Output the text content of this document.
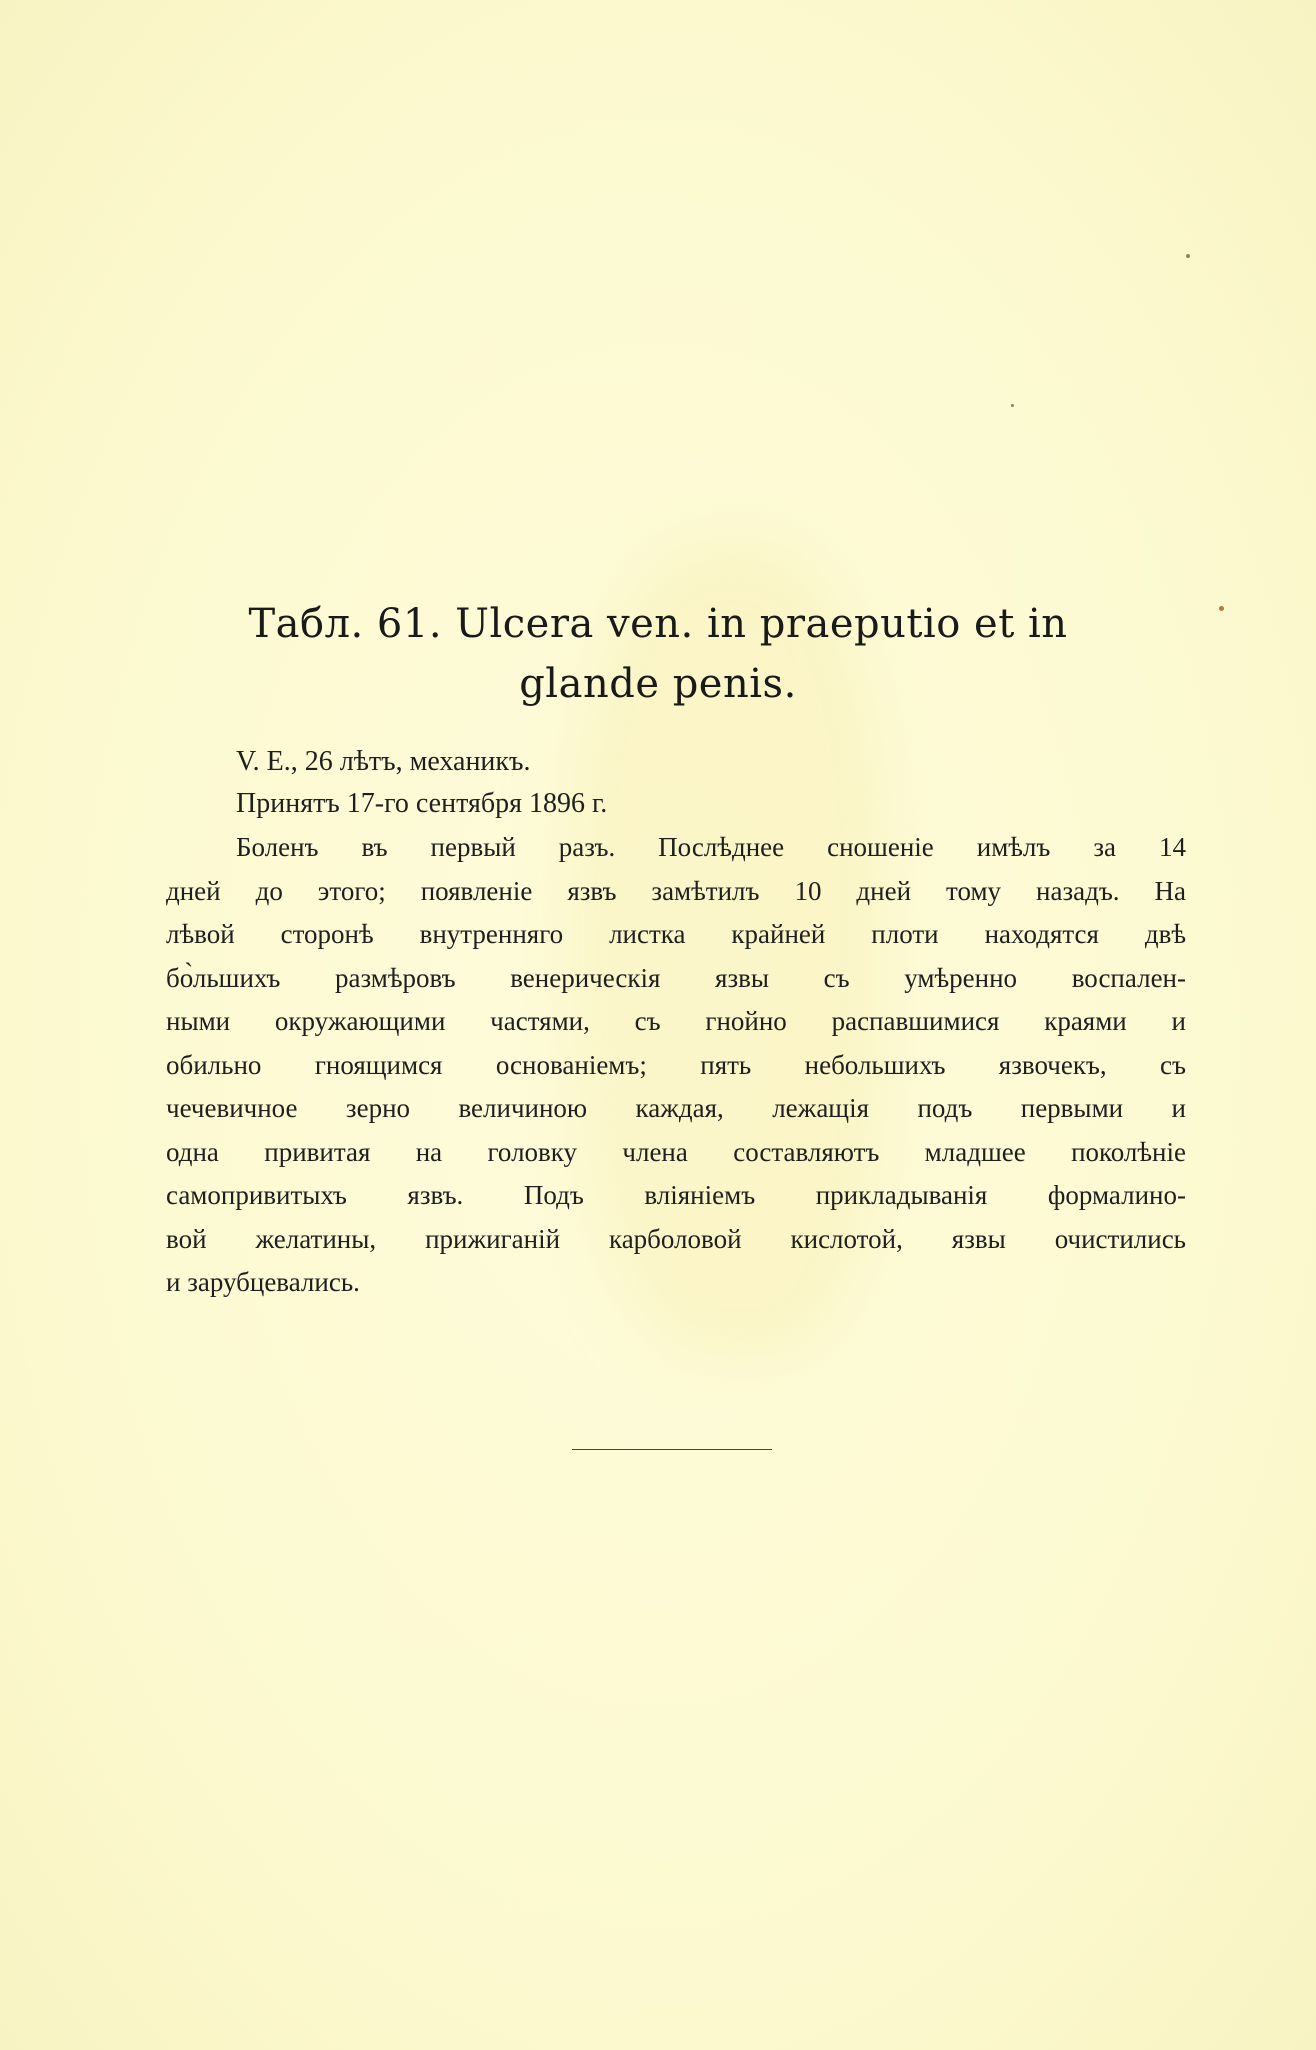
Табл. 61. Ulcera ven. in praeputio et in
glande penis.
V. E., 26 лѣтъ, механикъ.
Принятъ 17-го сентября 1896 г.
Боленъ въ первый разъ. Послѣднее сношеніе имѣлъ за 14
дней до этого; появленіе язвъ замѣтилъ 10 дней тому назадъ. На
лѣвой сторонѣ внутренняго листка крайней плоти находятся двѣ
бо̀льшихъ размѣровъ венерическія язвы съ умѣренно воспален-
ными окружающими частями, съ гнойно распавшимися краями и
обильно гноящимся основаніемъ; пять небольшихъ язвочекъ, съ
чечевичное зерно величиною каждая, лежащія подъ первыми и
одна привитая на головку члена составляютъ младшее поколѣніе
самопривитыхъ язвъ. Подъ вліяніемъ прикладыванія формалино-
вой желатины, прижиганій карболовой кислотой, язвы очистились
и зарубцевались.
